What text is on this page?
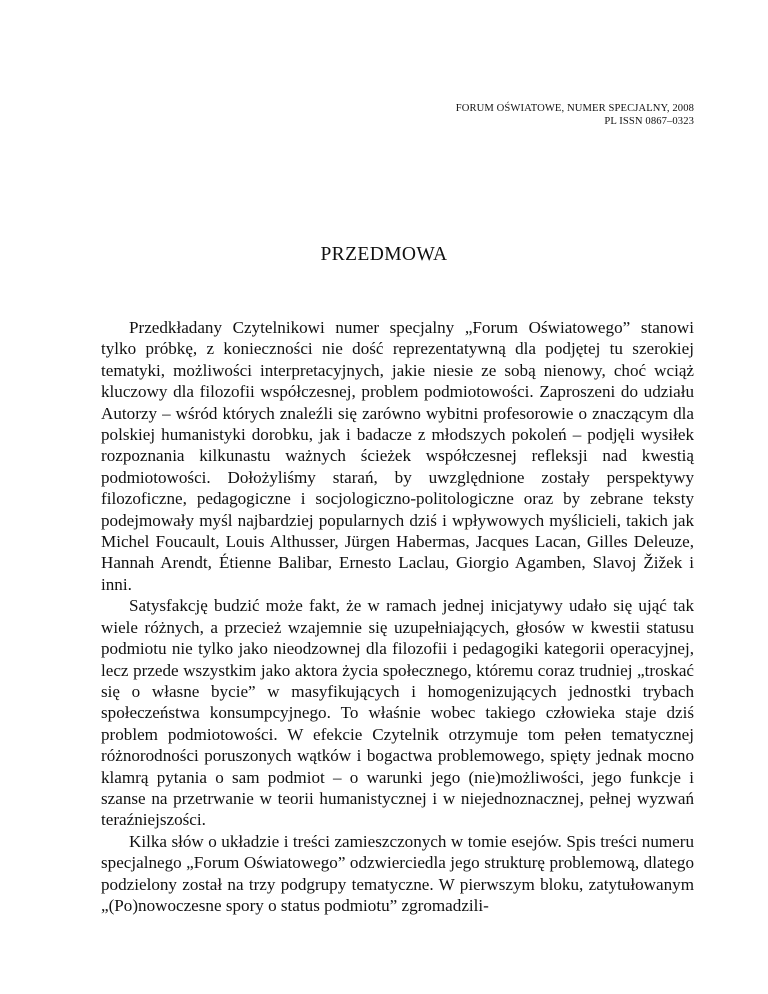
FORUM OŚWIATOWE, NUMER SPECJALNY, 2008
PL ISSN 0867–0323
PRZEDMOWA

Przedkładany Czytelnikowi numer specjalny „Forum Oświatowego” stanowi tylko próbkę, z konieczności nie dość reprezentatywną dla podjętej tu szerokiej tematyki, możliwości interpretacyjnych, jakie niesie ze sobą nienowy, choć wciąż kluczowy dla filozofii współczesnej, problem podmiotowości. Zaproszeni do udziału Autorzy – wśród których znaleźli się zarówno wybitni profesorowie o znaczącym dla polskiej humanistyki dorobku, jak i badacze z młodszych pokoleń – podjęli wysiłek rozpoznania kilkunastu ważnych ścieżek współczesnej refleksji nad kwestią podmiotowości. Dołożyliśmy starań, by uwzględnione zostały perspektywy filozoficzne, pedagogiczne i socjologiczno-politologiczne oraz by zebrane teksty podejmowały myśl najbardziej popularnych dziś i wpływowych myślicieli, takich jak Michel Foucault, Louis Althusser, Jürgen Habermas, Jacques Lacan, Gilles Deleuze, Hannah Arendt, Étienne Balibar, Ernesto Laclau, Giorgio Agamben, Slavoj Žižek i inni.

Satysfakcję budzić może fakt, że w ramach jednej inicjatywy udało się ująć tak wiele różnych, a przecież wzajemnie się uzupełniających, głosów w kwestii statusu podmiotu nie tylko jako nieodzownej dla filozofii i pedagogiki kategorii operacyjnej, lecz przede wszystkim jako aktora życia społecznego, któremu coraz trudniej „troskać się o własne bycie” w masyfikujących i homogenizujących jednostki trybach społeczeństwa konsumpcyjnego. To właśnie wobec takiego człowieka staje dziś problem podmiotowości. W efekcie Czytelnik otrzymuje tom pełen tematycznej różnorodności poruszonych wątków i bogactwa problemowego, spięty jednak mocno klamrą pytania o sam podmiot – o warunki jego (nie)możliwości, jego funkcje i szanse na przetrwanie w teorii humanistycznej i w niejednoznacznej, pełnej wyzwań teraźniejszości.

Kilka słów o układzie i treści zamieszczonych w tomie esejów. Spis treści numeru specjalnego „Forum Oświatowego” odzwierciedla jego strukturę problemową, dlatego podzielony został na trzy podgrupy tematyczne. W pierwszym bloku, zatytułowanym „(Po)nowoczesne spory o status podmiotu” zgromadzili-
